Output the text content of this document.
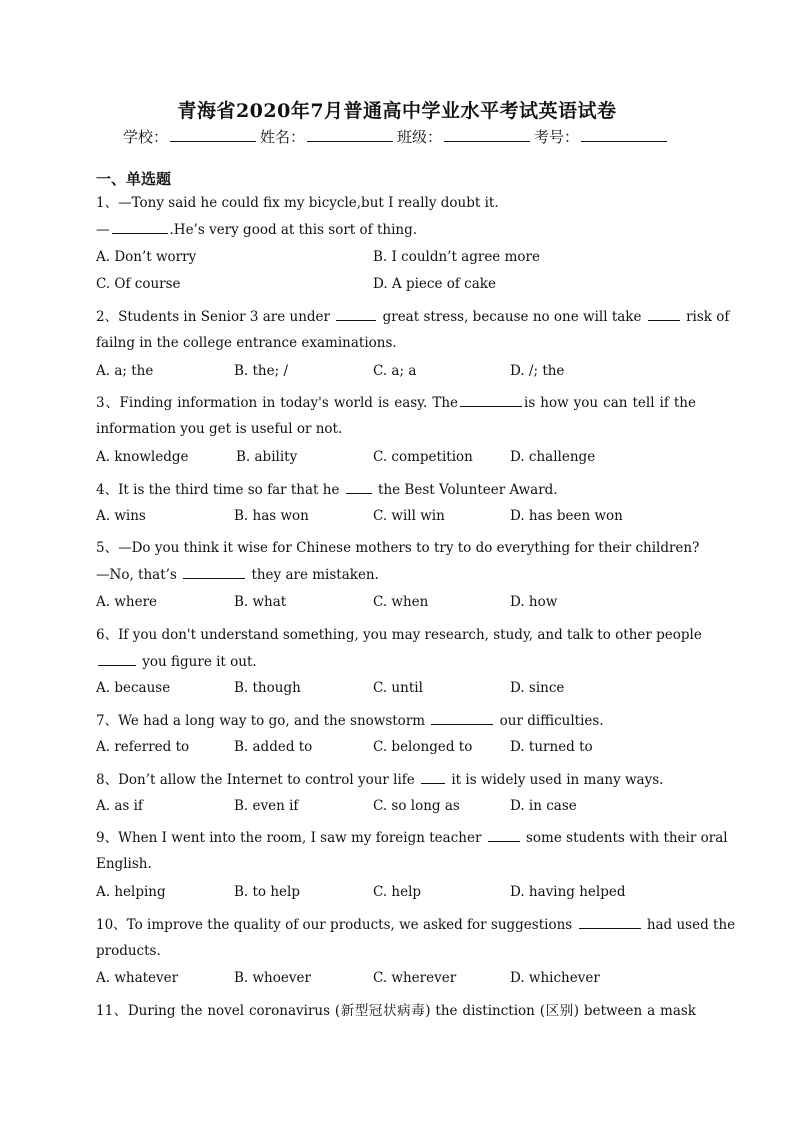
青海省2020年7月普通高中学业水平考试英语试卷
学校：	姓名：	班级：	考号：
一、单选题
1、—Tony said he could fix my bicycle,but I really doubt it.
—	.He’s very good at this sort of thing.
A. Don’t worry	B. I couldn’t agree more
C. Of course	D. A piece of cake
2、Students in Senior 3 are under	great stress, because no one will take	risk of
failng in the college entrance examinations.
A. a; the	B. the; /	C. a; a	D. /; the
3、Finding information in today's world is easy. The	is how you can tell if the
information you get is useful or not.
A. knowledge	B. ability	C. competition	D. challenge
4、It is the third time so far that he	the Best Volunteer Award.
A. wins	B. has won	C. will win	D. has been won
5、—Do you think it wise for Chinese mothers to try to do everything for their children?
—No, that’s	they are mistaken.
A. where	B. what	C. when	D. how
6、If you don't understand something, you may research, study, and talk to other people
you figure it out.
A. because	B. though	C. until	D. since
7、We had a long way to go, and the snowstorm	our difficulties.
A. referred to	B. added to	C. belonged to	D. turned to
8、Don’t allow the Internet to control your life	it is widely used in many ways.
A. as if	B. even if	C. so long as	D. in case
9、When I went into the room, I saw my foreign teacher	some students with their oral
English.
A. helping	B. to help	C. help	D. having helped
10、To improve the quality of our products, we asked for suggestions	had used the
products.
A. whatever	B. whoever	C. wherever	D. whichever
11、During the novel coronavirus (新型冠状病毒) the distinction (区别) between a mask
